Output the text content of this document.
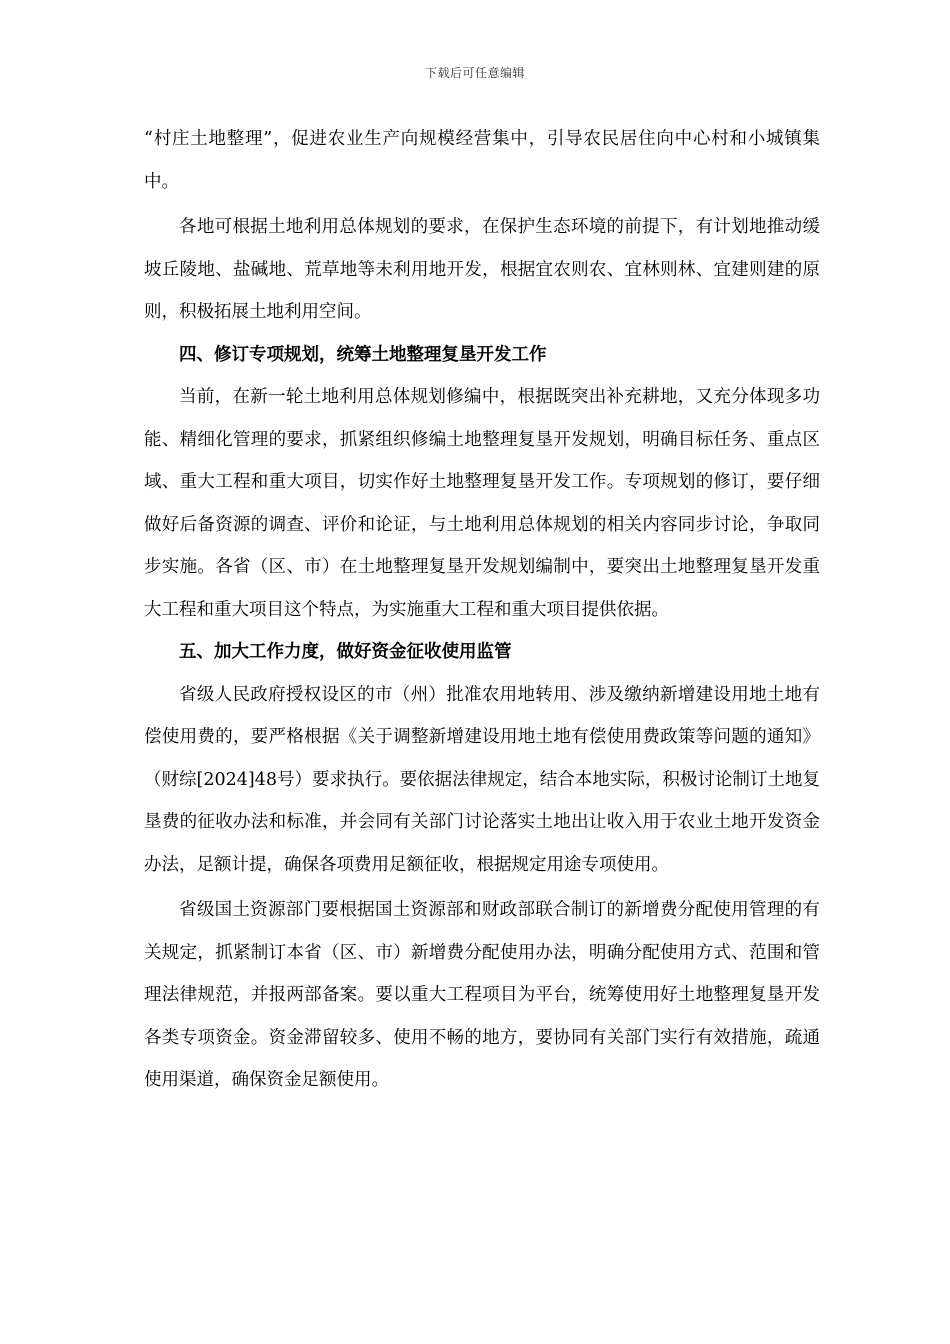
下载后可任意编辑

“村庄土地整理”，促进农业生产向规模经营集中，引导农民居住向中心村和小城镇集中。

各地可根据土地利用总体规划的要求，在保护生态环境的前提下，有计划地推动缓坡丘陵地、盐碱地、荒草地等未利用地开发，根据宜农则农、宜林则林、宜建则建的原则，积极拓展土地利用空间。

四、修订专项规划，统筹土地整理复垦开发工作

当前，在新一轮土地利用总体规划修编中，根据既突出补充耕地，又充分体现多功能、精细化管理的要求，抓紧组织修编土地整理复垦开发规划，明确目标任务、重点区域、重大工程和重大项目，切实作好土地整理复垦开发工作。专项规划的修订，要仔细做好后备资源的调查、评价和论证，与土地利用总体规划的相关内容同步讨论，争取同步实施。各省（区、市）在土地整理复垦开发规划编制中，要突出土地整理复垦开发重大工程和重大项目这个特点，为实施重大工程和重大项目提供依据。

五、加大工作力度，做好资金征收使用监管

省级人民政府授权设区的市（州）批准农用地转用、涉及缴纳新增建设用地土地有偿使用费的，要严格根据《关于调整新增建设用地土地有偿使用费政策等问题的通知》（财综[2024]48号）要求执行。要依据法律规定，结合本地实际，积极讨论制订土地复垦费的征收办法和标准，并会同有关部门讨论落实土地出让收入用于农业土地开发资金办法，足额计提，确保各项费用足额征收，根据规定用途专项使用。

省级国土资源部门要根据国土资源部和财政部联合制订的新增费分配使用管理的有关规定，抓紧制订本省（区、市）新增费分配使用办法，明确分配使用方式、范围和管理法律规范，并报两部备案。要以重大工程项目为平台，统筹使用好土地整理复垦开发各类专项资金。资金滞留较多、使用不畅的地方，要协同有关部门实行有效措施，疏通使用渠道，确保资金足额使用。
